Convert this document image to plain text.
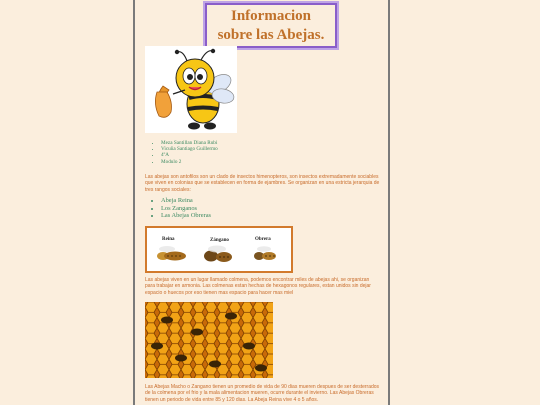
Informacion
sobre las Abejas.
• Meza Santillan Diana Rubi
• Vicuña Santiago Guillermo
• 4ºA
• Modulo 2

Las abejas son antofilos son un clado de insectos himenopteros, son insectos extremadamente sociables que viven en colonias que se establecen en forma de ejambres. Se organizan en una estricta jerarquia de tres rangos sociales:

• Abeja Reina
• Los Zanganos
• Las Abejas Obreras
Reina	Zángano	Obrera

Las abejas viven en un lugar llamado colmena, podemos encontrar miles de abejas ahi, se organizan para trabajar en armonia. Las colmenas estan hechas de hexagonos regulares, estan unidos sin dejar espacio o huecos por eso tienen mas espacio para hacer mas miel

Las Abejas Macho o Zangano tienen un promedio de vida de 90 dias mueren despues de ser desterrados de la colmena por el frio y la mala alimentacion mueren, ocurre durante el invierno. Las Abejas Obreras tienen un periodo de vida entre 85 y 120 dias. La Abeja Reina vive 4 o 5 años.
